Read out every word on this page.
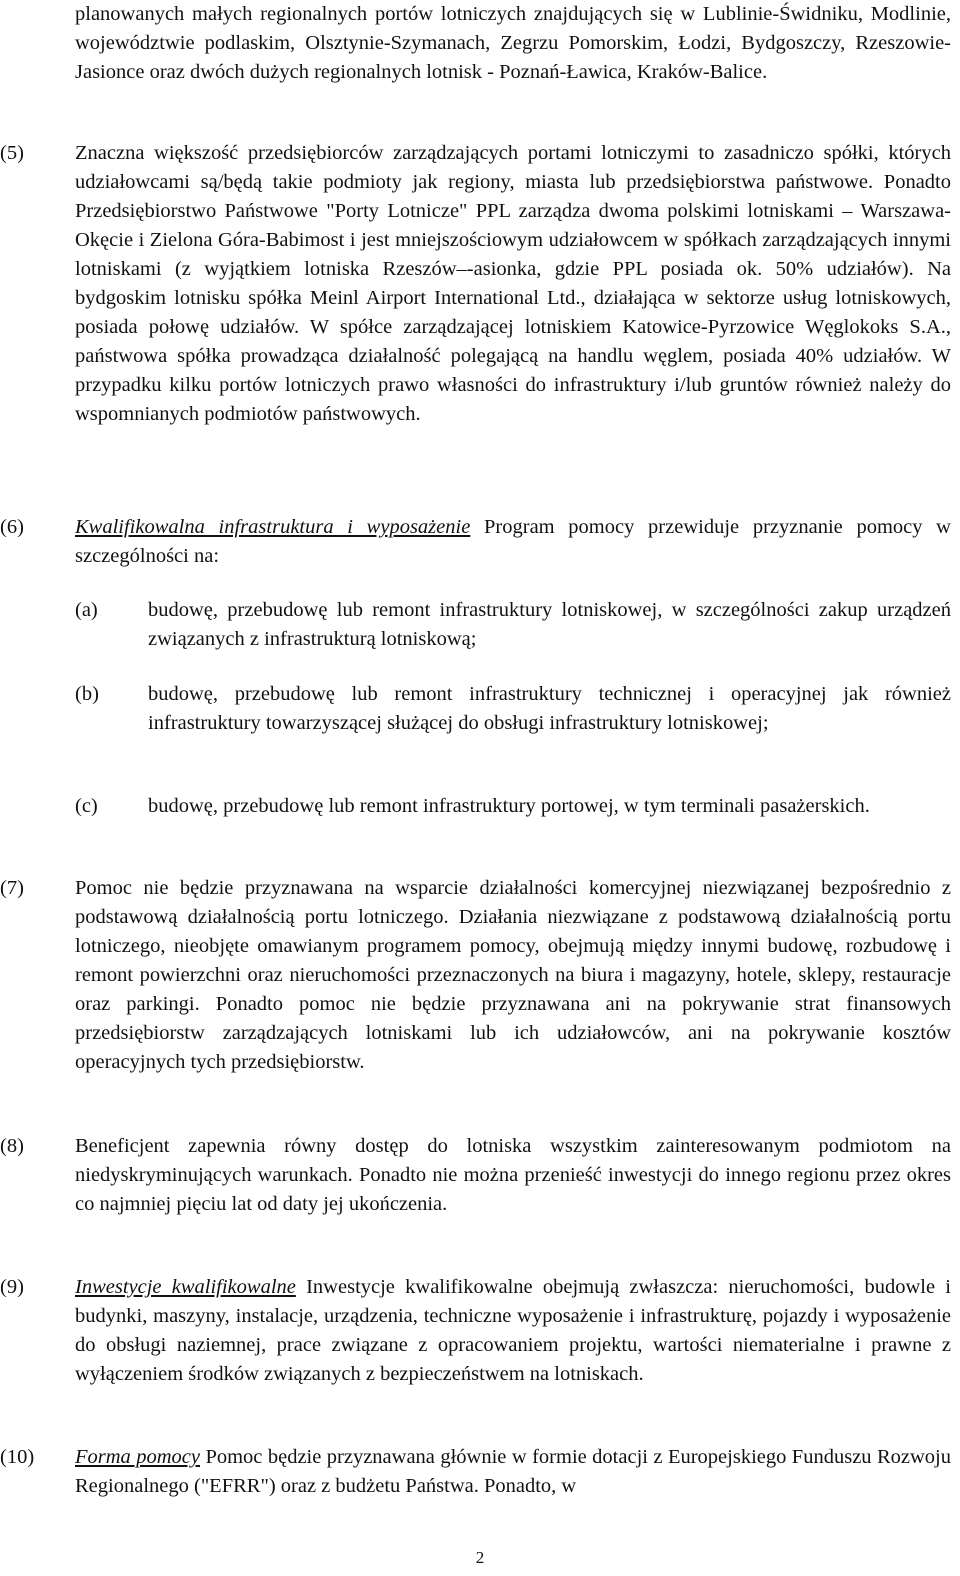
planowanych małych regionalnych portów lotniczych znajdujących się w Lublinie-Świdniku, Modlinie, województwie podlaskim, Olsztynie-Szymanach, Zegrzu Pomorskim, Łodzi, Bydgoszczy, Rzeszowie-Jasionce oraz dwóch dużych regionalnych lotnisk - Poznań-Ławica, Kraków-Balice.
(5) Znaczna większość przedsiębiorców zarządzających portami lotniczymi to zasadniczo spółki, których udziałowcami są/będą takie podmioty jak regiony, miasta lub przedsiębiorstwa państwowe. Ponadto Przedsiębiorstwo Państwowe "Porty Lotnicze" PPL zarządza dwoma polskimi lotniskami – Warszawa-Okęcie i Zielona Góra-Babimost i jest mniejszościowym udziałowcem w spółkach zarządzających innymi lotniskami (z wyjątkiem lotniska Rzeszów–-asionka, gdzie PPL posiada ok. 50% udziałów). Na bydgoskim lotnisku spółka Meinl Airport International Ltd., działająca w sektorze usług lotniskowych, posiada połowę udziałów. W spółce zarządzającej lotniskiem Katowice-Pyrzowice Węglokoks S.A., państwowa spółka prowadząca działalność polegającą na handlu węglem, posiada 40% udziałów. W przypadku kilku portów lotniczych prawo własności do infrastruktury i/lub gruntów również należy do wspomnianych podmiotów państwowych.
(6) Kwalifikowalna infrastruktura i wyposażenie Program pomocy przewiduje przyznanie pomocy w szczególności na:
(a) budowę, przebudowę lub remont infrastruktury lotniskowej, w szczególności zakup urządzeń związanych z infrastrukturą lotniskową;
(b) budowę, przebudowę lub remont infrastruktury technicznej i operacyjnej jak również infrastruktury towarzyszącej służącej do obsługi infrastruktury lotniskowej;
(c) budowę, przebudowę lub remont infrastruktury portowej, w tym terminali pasażerskich.
(7) Pomoc nie będzie przyznawana na wsparcie działalności komercyjnej niezwiązanej bezpośrednio z podstawową działalnością portu lotniczego. Działania niezwiązane z podstawową działalnością portu lotniczego, nieobjęte omawianym programem pomocy, obejmują między innymi budowę, rozbudowę i remont powierzchni oraz nieruchomości przeznaczonych na biura i magazyny, hotele, sklepy, restauracje oraz parkingi. Ponadto pomoc nie będzie przyznawana ani na pokrywanie strat finansowych przedsiębiorstw zarządzających lotniskami lub ich udziałowców, ani na pokrywanie kosztów operacyjnych tych przedsiębiorstw.
(8) Beneficjent zapewnia równy dostęp do lotniska wszystkim zainteresowanym podmiotom na niedyskryminujących warunkach. Ponadto nie można przenieść inwestycji do innego regionu przez okres co najmniej pięciu lat od daty jej ukończenia.
(9) Inwestycje kwalifikowalne Inwestycje kwalifikowalne obejmują zwłaszcza: nieruchomości, budowle i budynki, maszyny, instalacje, urządzenia, techniczne wyposażenie i infrastrukturę, pojazdy i wyposażenie do obsługi naziemnej, prace związane z opracowaniem projektu, wartości niematerialne i prawne z wyłączeniem środków związanych z bezpieczeństwem na lotniskach.
(10) Forma pomocy Pomoc będzie przyznawana głównie w formie dotacji z Europejskiego Funduszu Rozwoju Regionalnego ("EFRR") oraz z budżetu Państwa. Ponadto, w
2
